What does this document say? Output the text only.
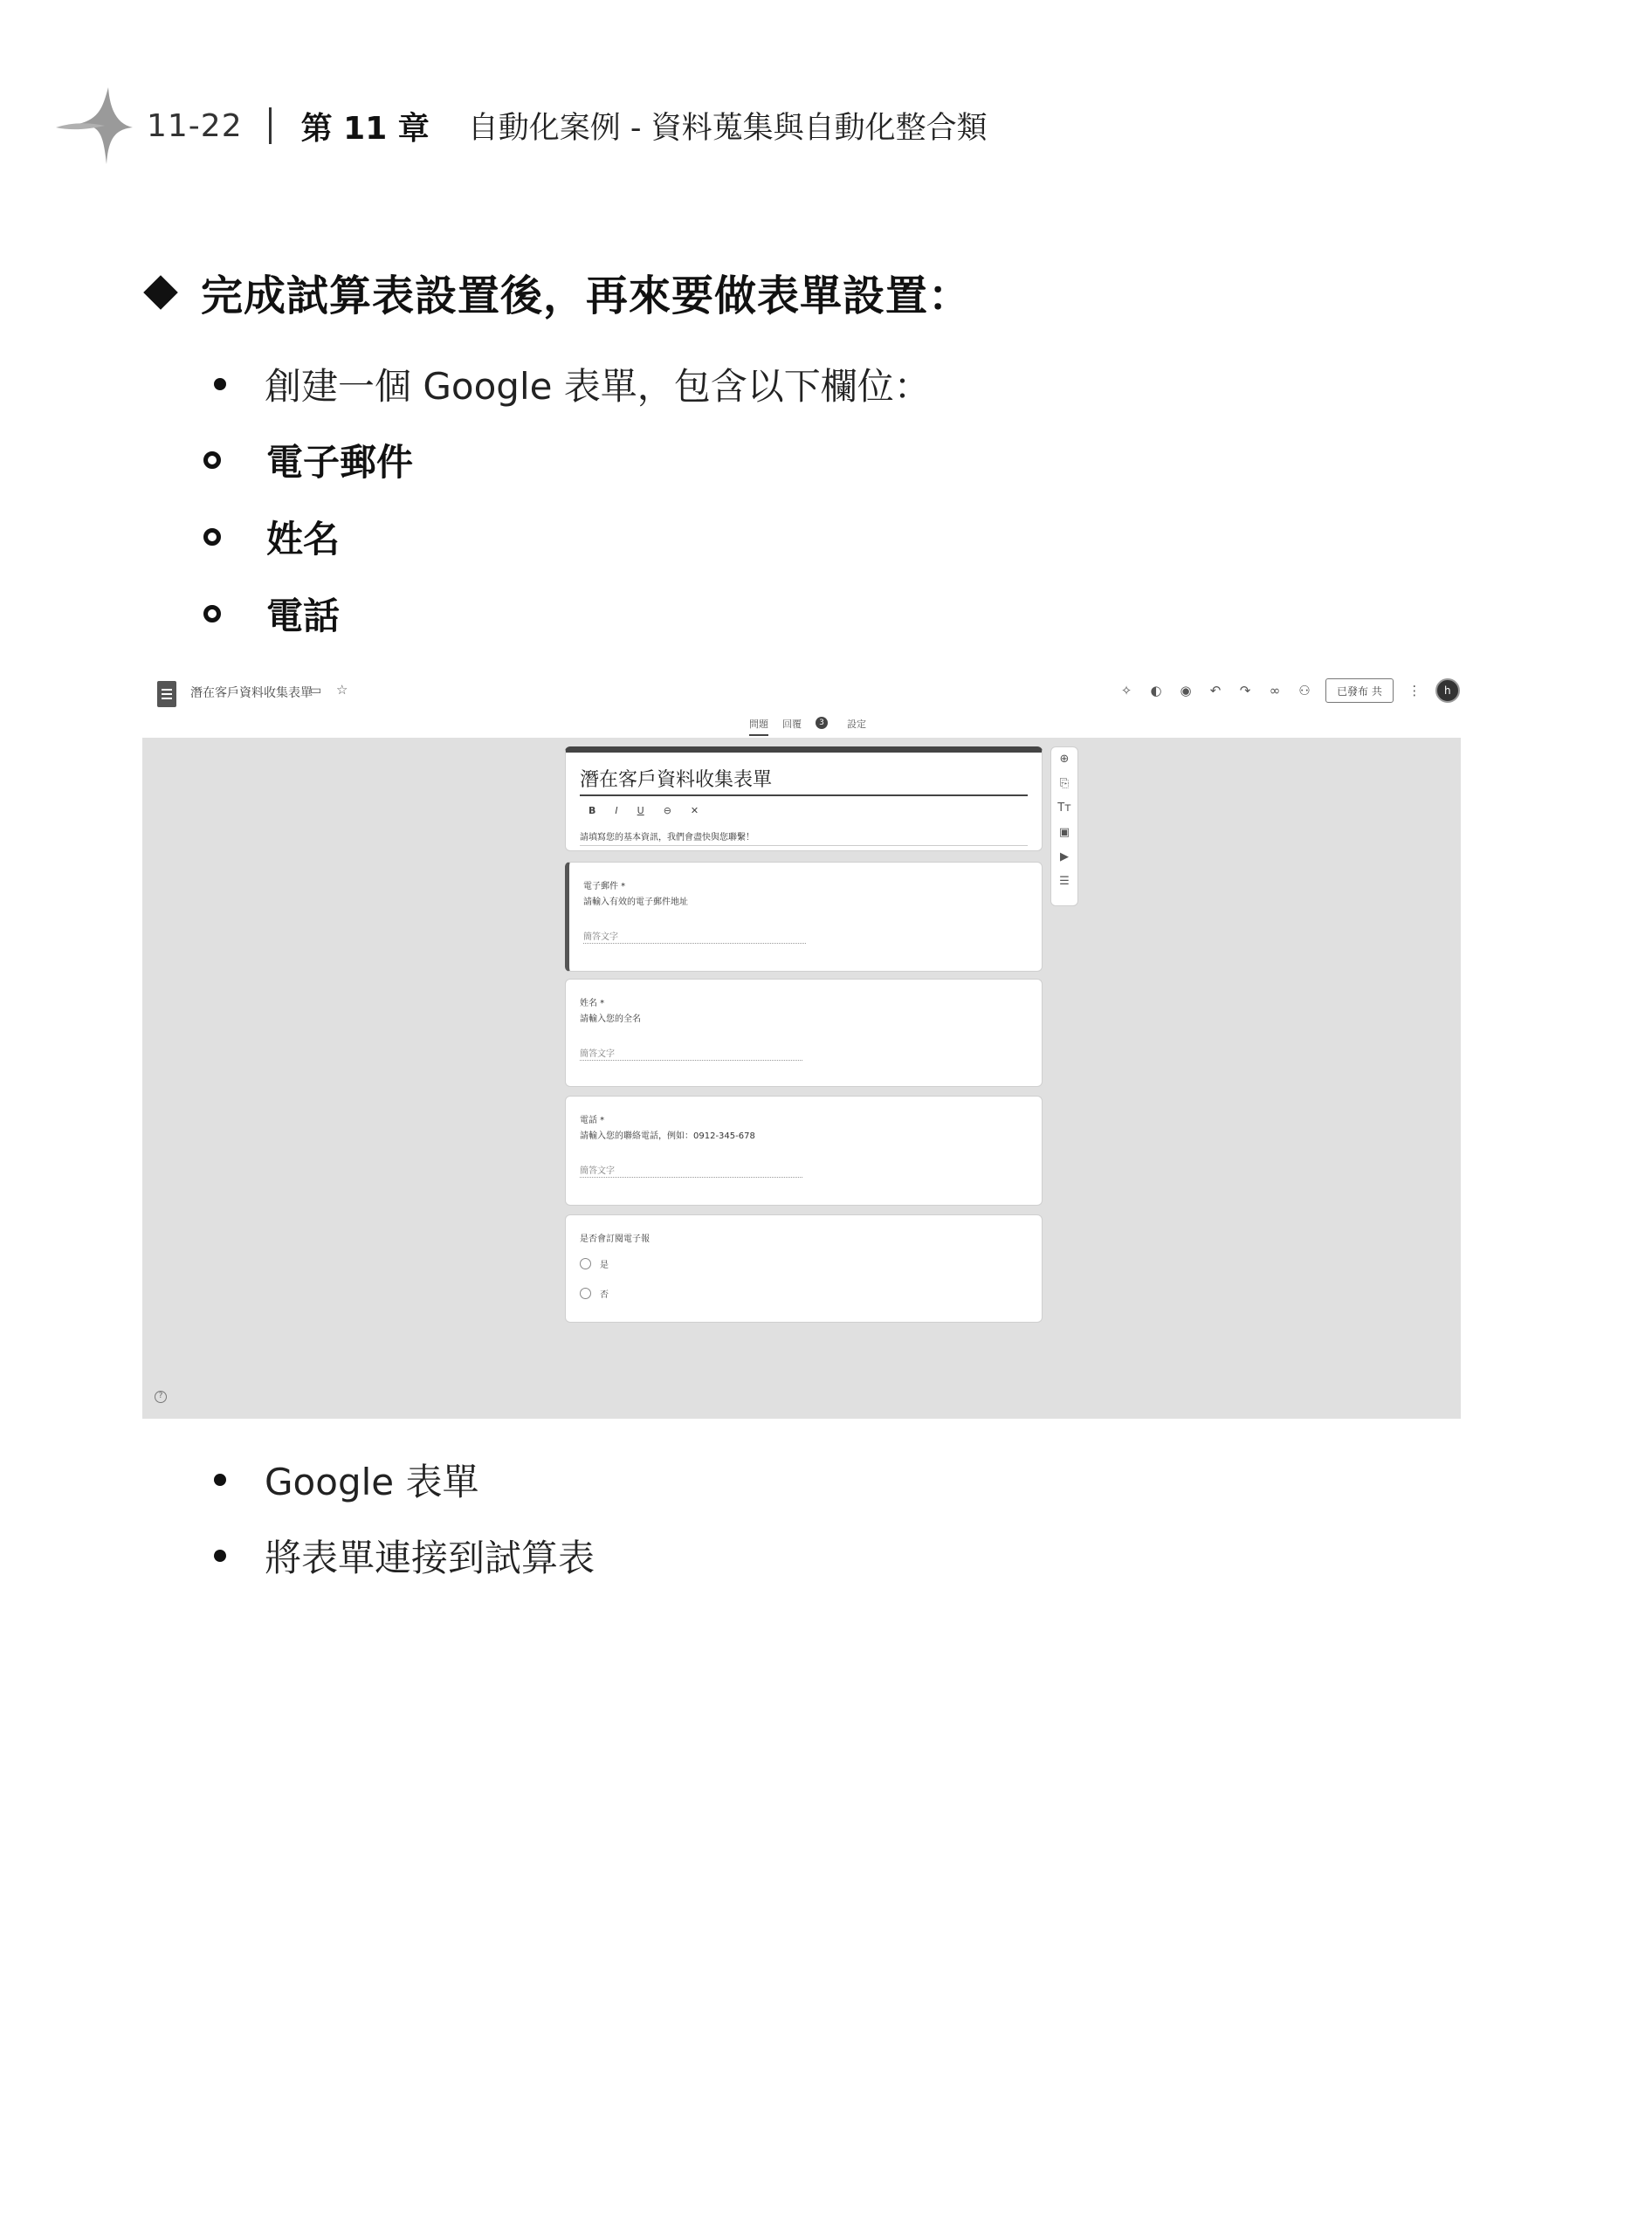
11-22 第 11 章 自動化案例 - 資料蒐集與自動化整合類
完成試算表設置後，再來要做表單設置：
創建一個 Google 表單，包含以下欄位：
電子郵件
姓名
電話
潛在客戶資料收集表單
▭ ☆	✧ ◐ ◉ ↶ ↷ ∞ ⚇	已發布 共	⋮	h
問題 回覆	3	設定
潛在客戶資料收集表單
B I U ⊖ ✕
請填寫您的基本資訊，我們會盡快與您聯繫！
電子郵件 *
請輸入有效的電子郵件地址
簡答文字
姓名 *
請輸入您的全名
簡答文字
電話 *
請輸入您的聯絡電話，例如：0912-345-678
簡答文字
是否會訂閱電子報
是
否
⊕
⎘
Tт
▣
▶
☰
?
Google 表單
將表單連接到試算表
